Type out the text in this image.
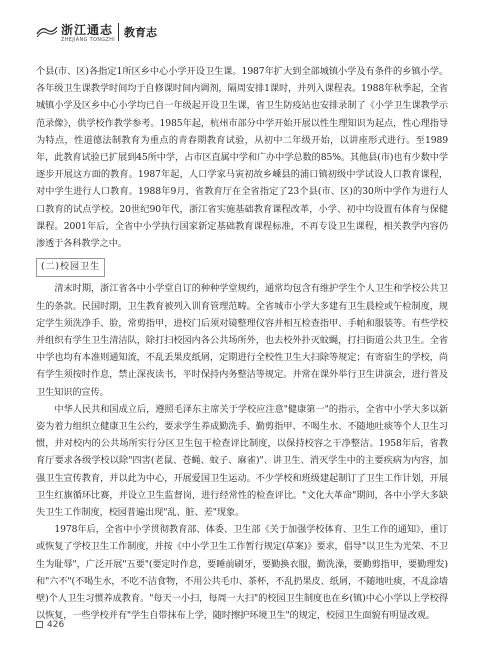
浙江通志
ZHEJIANG TONGZHI
教育志

个县(市、区)各指定1所区乡中心小学开设卫生课。1987年扩大到全部城镇小学及有条件的乡镇小学。各年级卫生课教学时间均于自修课时间内调剂，隔周安排1课时，并列入课程表。1988年秋季起，全省城镇小学及区乡中心小学均已自一年级起开设卫生课，省卫生防疫站也安排录制了《小学卫生课教学示范录像》，供学校作教学参考。1985年起，杭州市部分中学开始开展以性生理知识为起点，性心理指导为特点，性道德法制教育为重点的青春期教育试验，从初中二年级开始，以讲座形式进行。至1989年，此教育试验已扩展到45所中学，占市区直属中学和广办中学总数的85%。其他县(市)也有少数中学逐步开展这方面的教育。1987年起，人口学家马寅初故乡嵊县的浦口镇初级中学试设人口教育课程，对中学生进行人口教育。1988年9月，省教育厅在全省指定了23个县(市、区)的30所中学作为进行人口教育的试点学校。20世纪90年代，浙江省实施基础教育课程改革，小学、初中均设置有体育与保健课程。2001年后，全省中小学执行国家新定基础教育课程标准，不再专设卫生课程，相关教学内容仍渗透于各科教学之中。

(二)校园卫生

清末时期，浙江省各中小学堂自订的种种学堂规约，通常均包含有维护学生个人卫生和学校公共卫生的条款。民国时期，卫生教育被列入训育管理范畴。全省城市小学大多建有卫生晨检或午检制度，规定学生须洗净手、脸，常剪指甲，进校门后须对镜整理仪容并相互检查指甲、手帕和服装等。有些学校并组织有学生卫生清洁队，除打扫校园内各公共场所外，也去校外扑灭蚊蝇，打扫街道公共卫生。全省中学也均有本准则通知流，不乱丢果皮纸屑，定期进行全校性卫生大扫除等规定；有寄宿生的学校，尚有学生须按时作息，禁止深夜读书，平时保持内务整洁等规定。并常在课外举行卫生讲演会，进行普及卫生知识的宣传。

中华人民共和国成立后，遵照毛泽东主席关于学校应注意"健康第一"的指示，全省中小学大多以新姿为着力组织立健康卫生公约，要求学生养成勤洗手、勤剪指甲、不喝生水、不随地吐痰等个人卫生习惯，并对校内的公共场所实行分区卫生包干检查评比制度，以保持校容之干净整洁。1958年后，省教育厅要求各级学校以除"四害(老鼠、苍蝇、蚊子、麻雀)"、讲卫生、消灭学生中的主要疾病为内容，加强卫生宣传教育，并以此为中心，开展爱国卫生运动。不少学校和班级建起制订了卫生工作计划，开展卫生红旗循环比赛，并设立卫生监督岗，进行经常性的检查评比。"文化大革命"期间，各中小学大多缺失卫生工作制度，校园普遍出现"乱、脏、差"现象。

1978年后，全省中小学贯彻教育部、体委、卫生部《关于加强学校体育、卫生工作的通知》，重订或恢复了学校卫生工作制度，并按《中小学卫生工作暂行规定(草案)》要求，倡导"以卫生为光荣、不卫生为耻辱"，广泛开展"五要"(要定时作息，要睡前刷牙，要勤换衣服，勤洗澡，要勤剪指甲，要勤理发)和"六不"(不喝生水，不吃不洁食物，不用公共毛巾、茶杯，不乱扔果皮、纸屑，不随地吐痰，不乱涂墙壁)个人卫生习惯养成教育。"每天一小扫，每周一大扫"的校园卫生制度也在乡(镇)中心小学以上学校得以恢复，一些学校并有"学生自带抹布上学，随时擦护环境卫生"的规定，校园卫生面貌有明显改观。

426
